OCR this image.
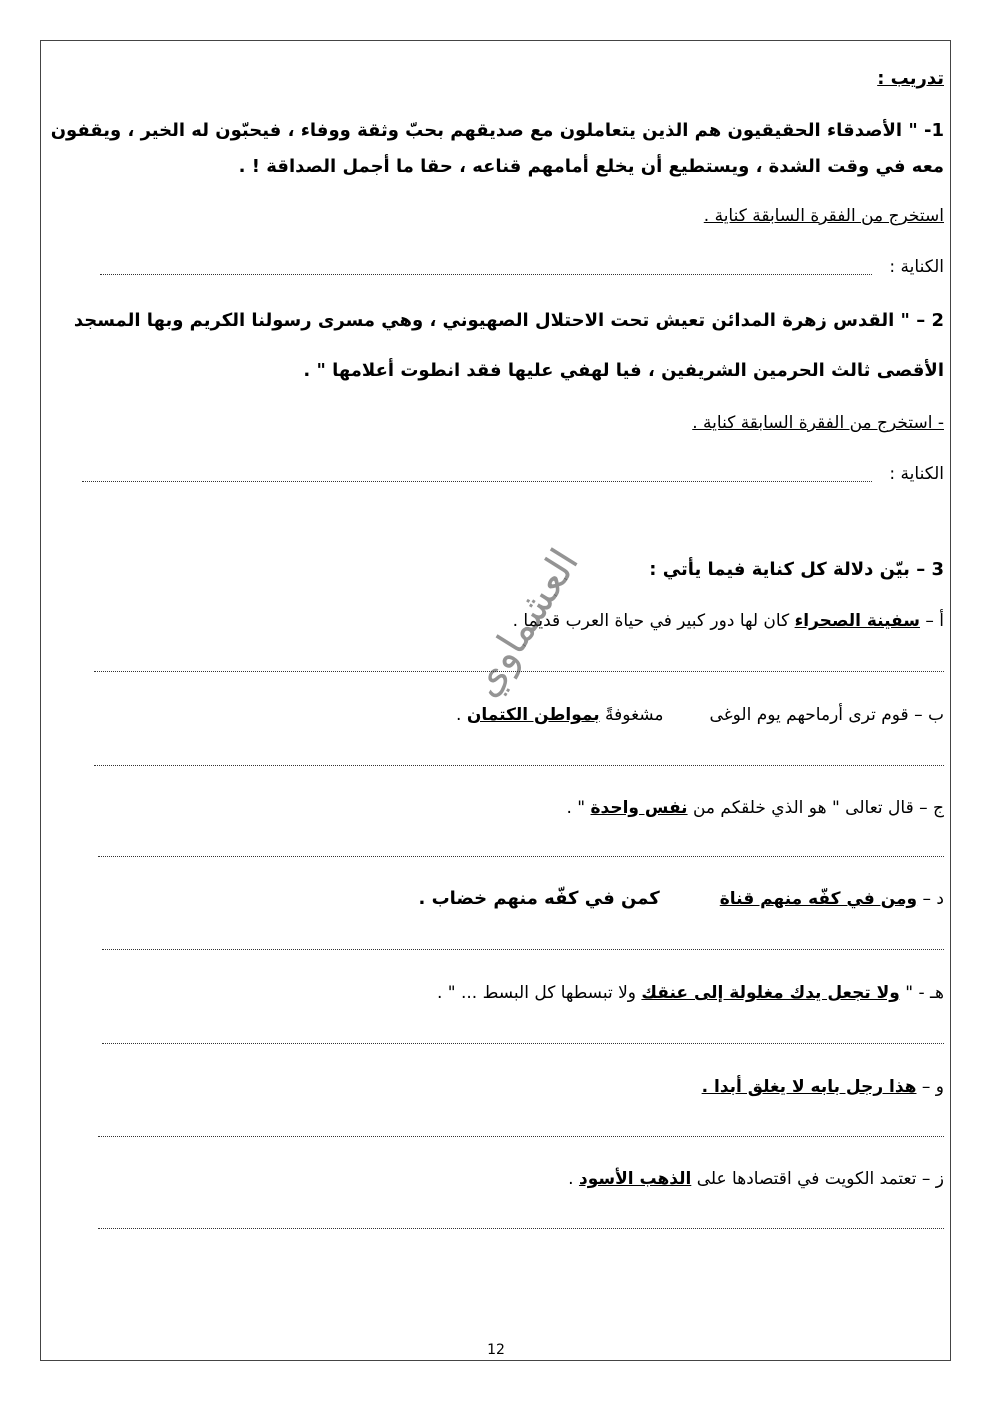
تدريب :
1- " الأصدقاء الحقيقيون هم الذين يتعاملون مع صديقهم بحبّ وثقة ووفاء ، فيحبّون له الخير ، ويقفون
معه في وقت الشدة ، ويستطيع أن يخلع أمامهم قناعه ، حقا ما أجمل الصداقة ! .
استخرج من الفقرة السابقة كناية .
الكناية :
2 – " القدس زهرة المدائن تعيش تحت الاحتلال الصهيوني ، وهي مسرى رسولنا الكريم وبها المسجد
الأقصى ثالث الحرمين الشريفين ، فيا لهفي عليها فقد انطوت أعلامها " .
- استخرج من الفقرة السابقة كناية .
الكناية :
3 – بيّن دلالة كل كناية فيما يأتي :
أ – سفينة الصحراء كان لها دور كبير في حياة العرب قديما .
ب – قوم ترى أرماحهم يوم الوغىمشغوفةً بمواطن الكتمان .
ج – قال تعالى " هو الذي خلقكم من نفس واحدة " .
د – ومن في كفّه منهم قناةكمن في كفّه منهم خضاب .
هـ - " ولا تجعل يدك مغلولة إلى عنقك ولا تبسطها كل البسط ... " .
و – هذا رجل بابه لا يغلق أبدا .
ز – تعتمد الكويت في اقتصادها على الذهب الأسود .
العشماوي
12
